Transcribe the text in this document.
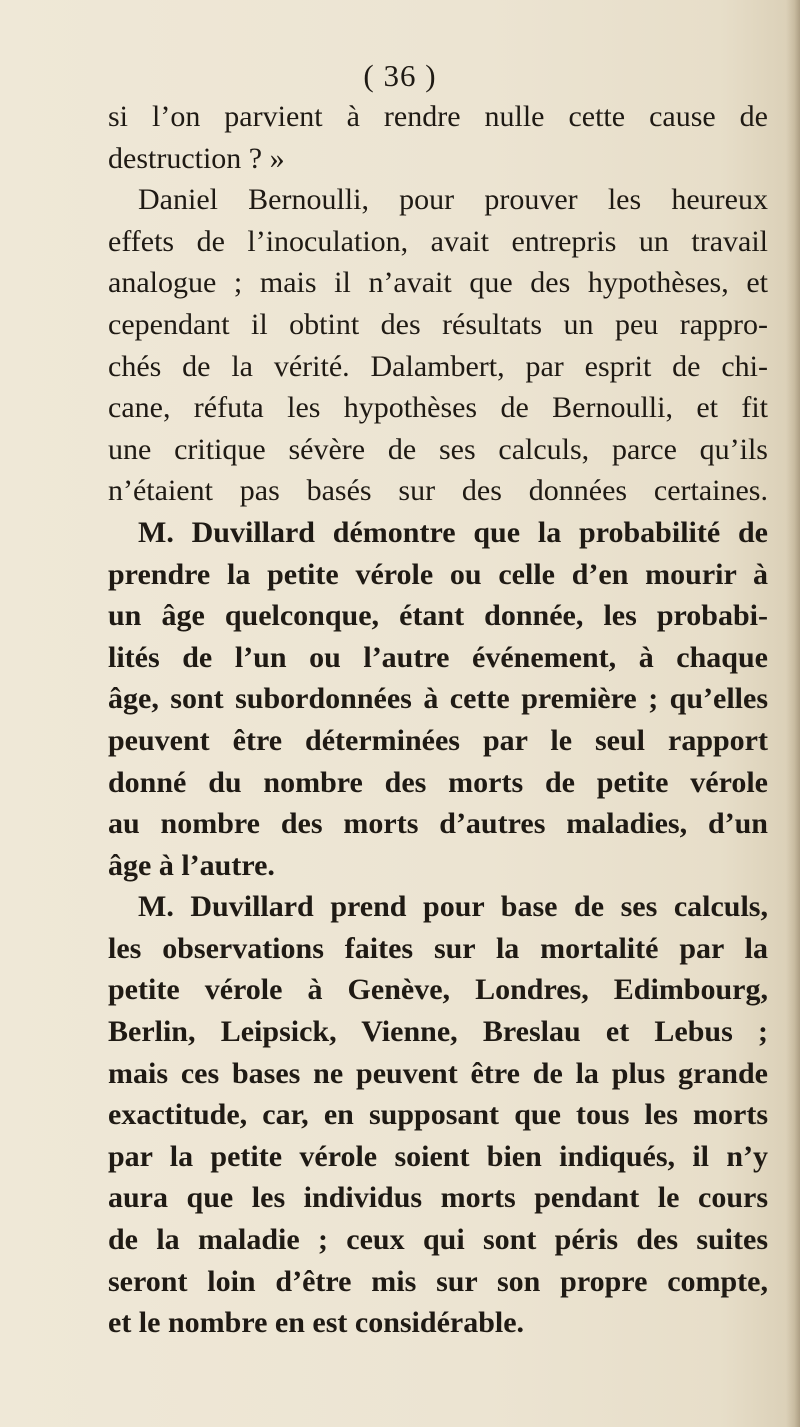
( 36 )
si l’on parvient à rendre nulle cette cause de
destruction ? »
Daniel Bernoulli, pour prouver les heureux
effets de l’inoculation, avait entrepris un travail
analogue ; mais il n’avait que des hypothèses, et
cependant il obtint des résultats un peu rappro-
chés de la vérité. Dalambert, par esprit de chi-
cane, réfuta les hypothèses de Bernoulli, et fit
une critique sévère de ses calculs, parce qu’ils
n’étaient pas basés sur des données certaines.
M. Duvillard démontre que la probabilité de
prendre la petite vérole ou celle d’en mourir à
un âge quelconque, étant donnée, les probabi-
lités de l’un ou l’autre événement, à chaque
âge, sont subordonnées à cette première ; qu’elles
peuvent être déterminées par le seul rapport
donné du nombre des morts de petite vérole
au nombre des morts d’autres maladies, d’un
âge à l’autre.
M. Duvillard prend pour base de ses calculs,
les observations faites sur la mortalité par la
petite vérole à Genève, Londres, Edimbourg,
Berlin, Leipsick, Vienne, Breslau et Lebus ;
mais ces bases ne peuvent être de la plus grande
exactitude, car, en supposant que tous les morts
par la petite vérole soient bien indiqués, il n’y
aura que les individus morts pendant le cours
de la maladie ; ceux qui sont péris des suites
seront loin d’être mis sur son propre compte,
et le nombre en est considérable.
